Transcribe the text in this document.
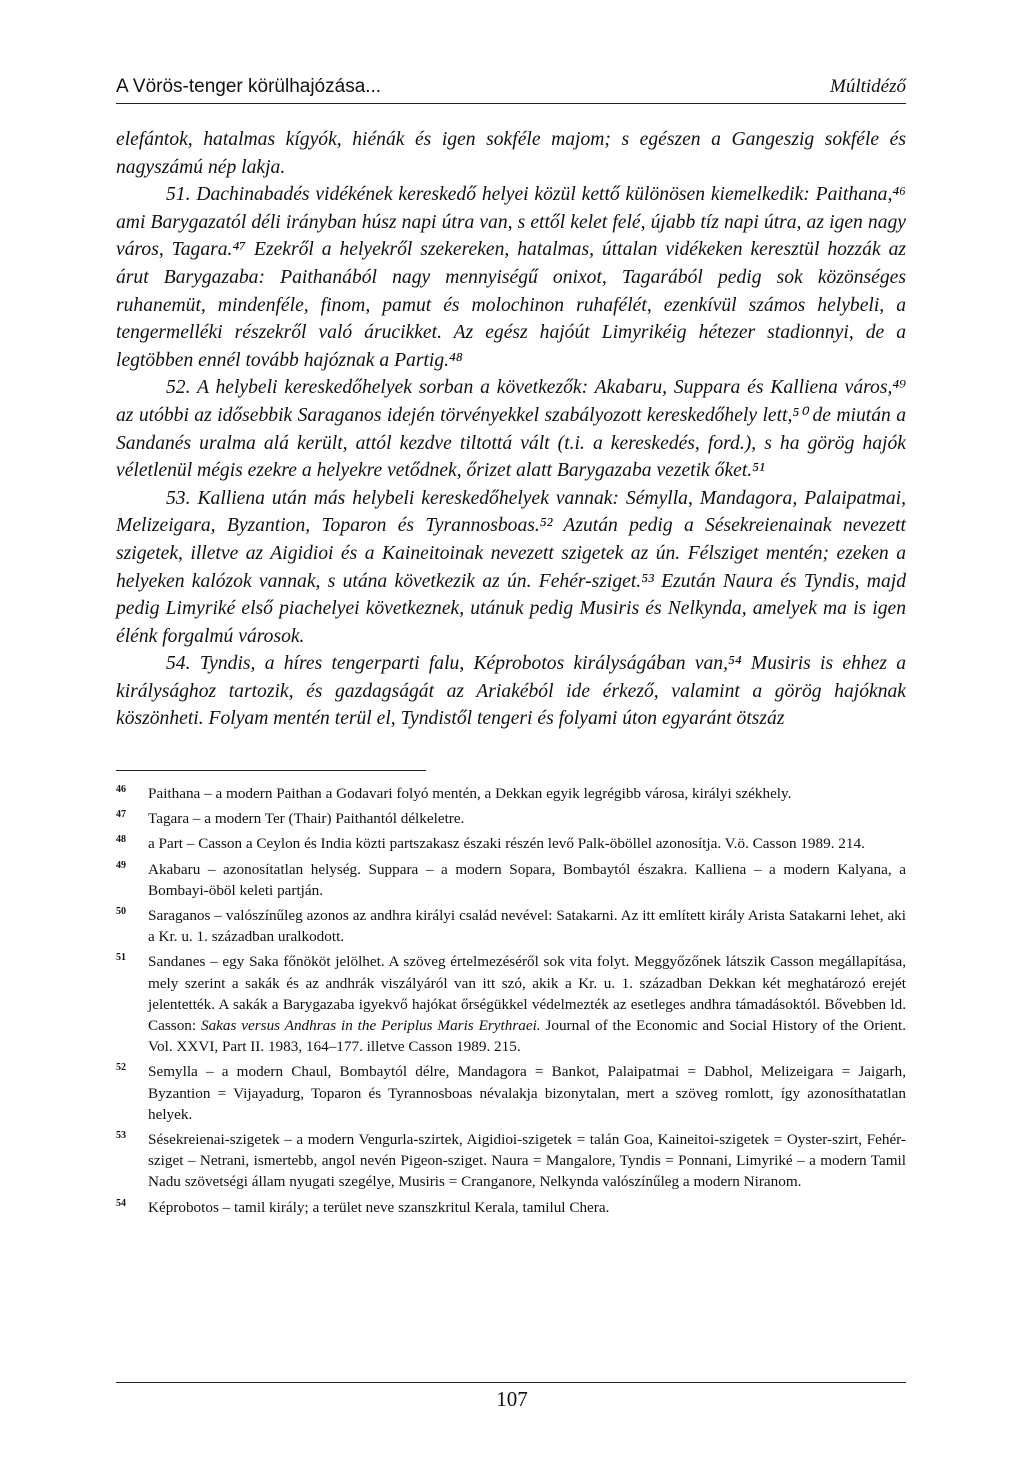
A Vörös-tenger körülhajózása...	Múltidéző

elefántok, hatalmas kígyók, hiénák és igen sokféle majom; s egészen a Gangeszig sokféle és nagyszámú nép lakja.

51. Dachinabadés vidékének kereskedő helyei közül kettő különösen kiemelkedik: Paithana,⁴⁶ ami Barygazatól déli irányban húsz napi útra van, s ettől kelet felé, újabb tíz napi útra, az igen nagy város, Tagara.⁴⁷ Ezekről a helyekről szekereken, hatalmas, úttalan vidékeken keresztül hozzák az árut Barygazaba: Paithanából nagy mennyiségű onixot, Tagarából pedig sok közönséges ruhanemüt, mindenféle, finom, pamut és molochinon ruhafélét, ezenkívül számos helybeli, a tengermelléki részekről való árucikket. Az egész hajóút Limyrikéig hétezer stadionnyi, de a legtöbben ennél tovább hajóznak a Partig.⁴⁸

52. A helybeli kereskedőhelyek sorban a következők: Akabaru, Suppara és Kalliena város,⁴⁹ az utóbbi az idősebbik Saraganos idején törvényekkel szabályozott kereskedőhely lett,⁵⁰ de miután a Sandanés uralma alá került, attól kezdve tiltottá vált (t.i. a kereskedés, ford.), s ha görög hajók véletlenül mégis ezekre a helyekre vetődnek, őrizet alatt Barygazaba vezetik őket.⁵¹

53. Kalliena után más helybeli kereskedőhelyek vannak: Sémylla, Mandagora, Palaipatmai, Melizeigara, Byzantion, Toparon és Tyrannosboas.⁵² Azután pedig a Sésekreienainak nevezett szigetek, illetve az Aigidioi és a Kaineitoinak nevezett szigetek az ún. Félsziget mentén; ezeken a helyeken kalózok vannak, s utána következik az ún. Fehér-sziget.⁵³ Ezután Naura és Tyndis, majd pedig Limyriké első piachelyei következnek, utánuk pedig Musiris és Nelkynda, amelyek ma is igen élénk forgalmú városok.

54. Tyndis, a híres tengerparti falu, Képrobotos királyságában van,⁵⁴ Musiris is ehhez a királysághoz tartozik, és gazdagságát az Ariakéból ide érkező, valamint a görög hajóknak köszönheti. Folyam mentén terül el, Tyndistől tengeri és folyami úton egyaránt ötszáz

46	Paithana – a modern Paithan a Godavari folyó mentén, a Dekkan egyik legrégibb városa, királyi székhely.
47	Tagara – a modern Ter (Thair) Paithantól délkeletre.
48	a Part – Casson a Ceylon és India közti partszakasz északi részén levő Palk-öböllel azonosítja. V.ö. Casson 1989. 214.
49	Akabaru – azonosítatlan helység. Suppara – a modern Sopara, Bombaytól északra. Kalliena – a modern Kalyana, a Bombayi-öböl keleti partján.
50	Saraganos – valószínűleg azonos az andhra királyi család nevével: Satakarni. Az itt említett király Arista Satakarni lehet, aki a Kr. u. 1. században uralkodott.
51	Sandanes – egy Saka főnököt jelölhet. A szöveg értelmezéséről sok vita folyt. Meggyőzőnek látszik Casson megállapítása, mely szerint a sakák és az andhrák viszályáról van itt szó, akik a Kr. u. 1. században Dekkan két meghatározó erejét jelentették. A sakák a Barygazaba igyekvő hajókat őrségükkel védelmezték az esetleges andhra támadásoktól. Bővebben ld. Casson: Sakas versus Andhras in the Periplus Maris Erythraei. Journal of the Economic and Social History of the Orient. Vol. XXVI, Part II. 1983, 164–177. illetve Casson 1989. 215.
52	Semylla – a modern Chaul, Bombaytól délre, Mandagora = Bankot, Palaipatmai = Dabhol, Melizeigara = Jaigarh, Byzantion = Vijayadurg, Toparon és Tyrannosboas névalakja bizonytalan, mert a szöveg romlott, így azonosíthatatlan helyek.
53	Sésekreienai-szigetek – a modern Vengurla-szirtek, Aigidioi-szigetek = talán Goa, Kaineitoi-szigetek = Oyster-szirt, Fehér-sziget – Netrani, ismertebb, angol nevén Pigeon-sziget. Naura = Mangalore, Tyndis = Ponnani, Limyriké – a modern Tamil Nadu szövetségi állam nyugati szegélye, Musiris = Cranganore, Nelkynda valószínűleg a modern Niranom.
54	Képrobotos – tamil király; a terület neve szanszkritul Kerala, tamilul Chera.
107
